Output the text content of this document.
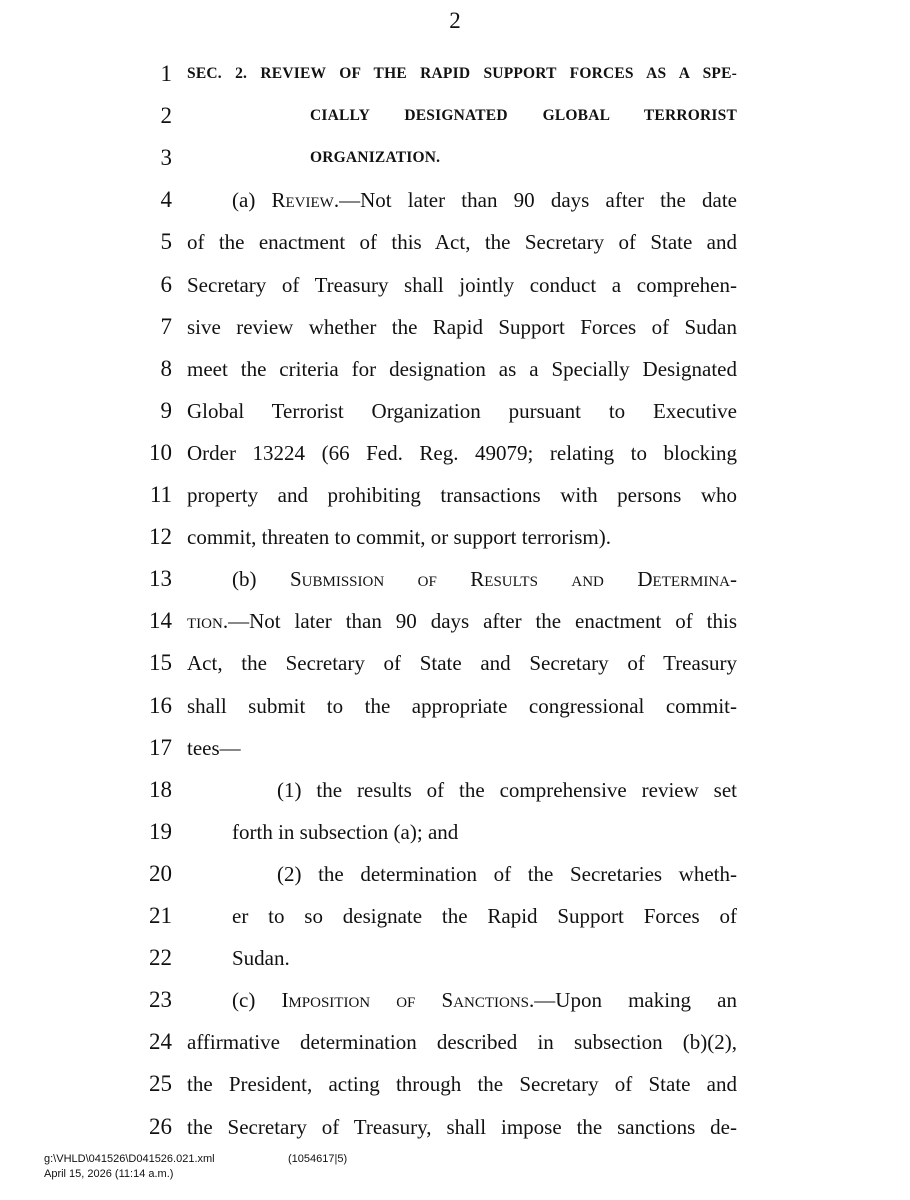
2
1 SEC. 2. REVIEW OF THE RAPID SUPPORT FORCES AS A SPE-
2	CIALLY DESIGNATED GLOBAL TERRORIST
3	ORGANIZATION.
4	(a) Review.—Not later than 90 days after the date
5 of the enactment of this Act, the Secretary of State and
6 Secretary of Treasury shall jointly conduct a comprehen-
7 sive review whether the Rapid Support Forces of Sudan
8 meet the criteria for designation as a Specially Designated
9 Global Terrorist Organization pursuant to Executive
10 Order 13224 (66 Fed. Reg. 49079; relating to blocking
11 property and prohibiting transactions with persons who
12 commit, threaten to commit, or support terrorism).
13	(b) Submission of Results and Determina-
14 tion.—Not later than 90 days after the enactment of this
15 Act, the Secretary of State and Secretary of Treasury
16 shall submit to the appropriate congressional commit-
17 tees—
18	(1) the results of the comprehensive review set
19	forth in subsection (a); and
20	(2) the determination of the Secretaries wheth-
21	er to so designate the Rapid Support Forces of
22	Sudan.
23	(c) Imposition of Sanctions.—Upon making an
24 affirmative determination described in subsection (b)(2),
25 the President, acting through the Secretary of State and
26 the Secretary of Treasury, shall impose the sanctions de-
g:\VHLD\041526\D041526.021.xml	(1054617|5)
April 15, 2026 (11:14 a.m.)
